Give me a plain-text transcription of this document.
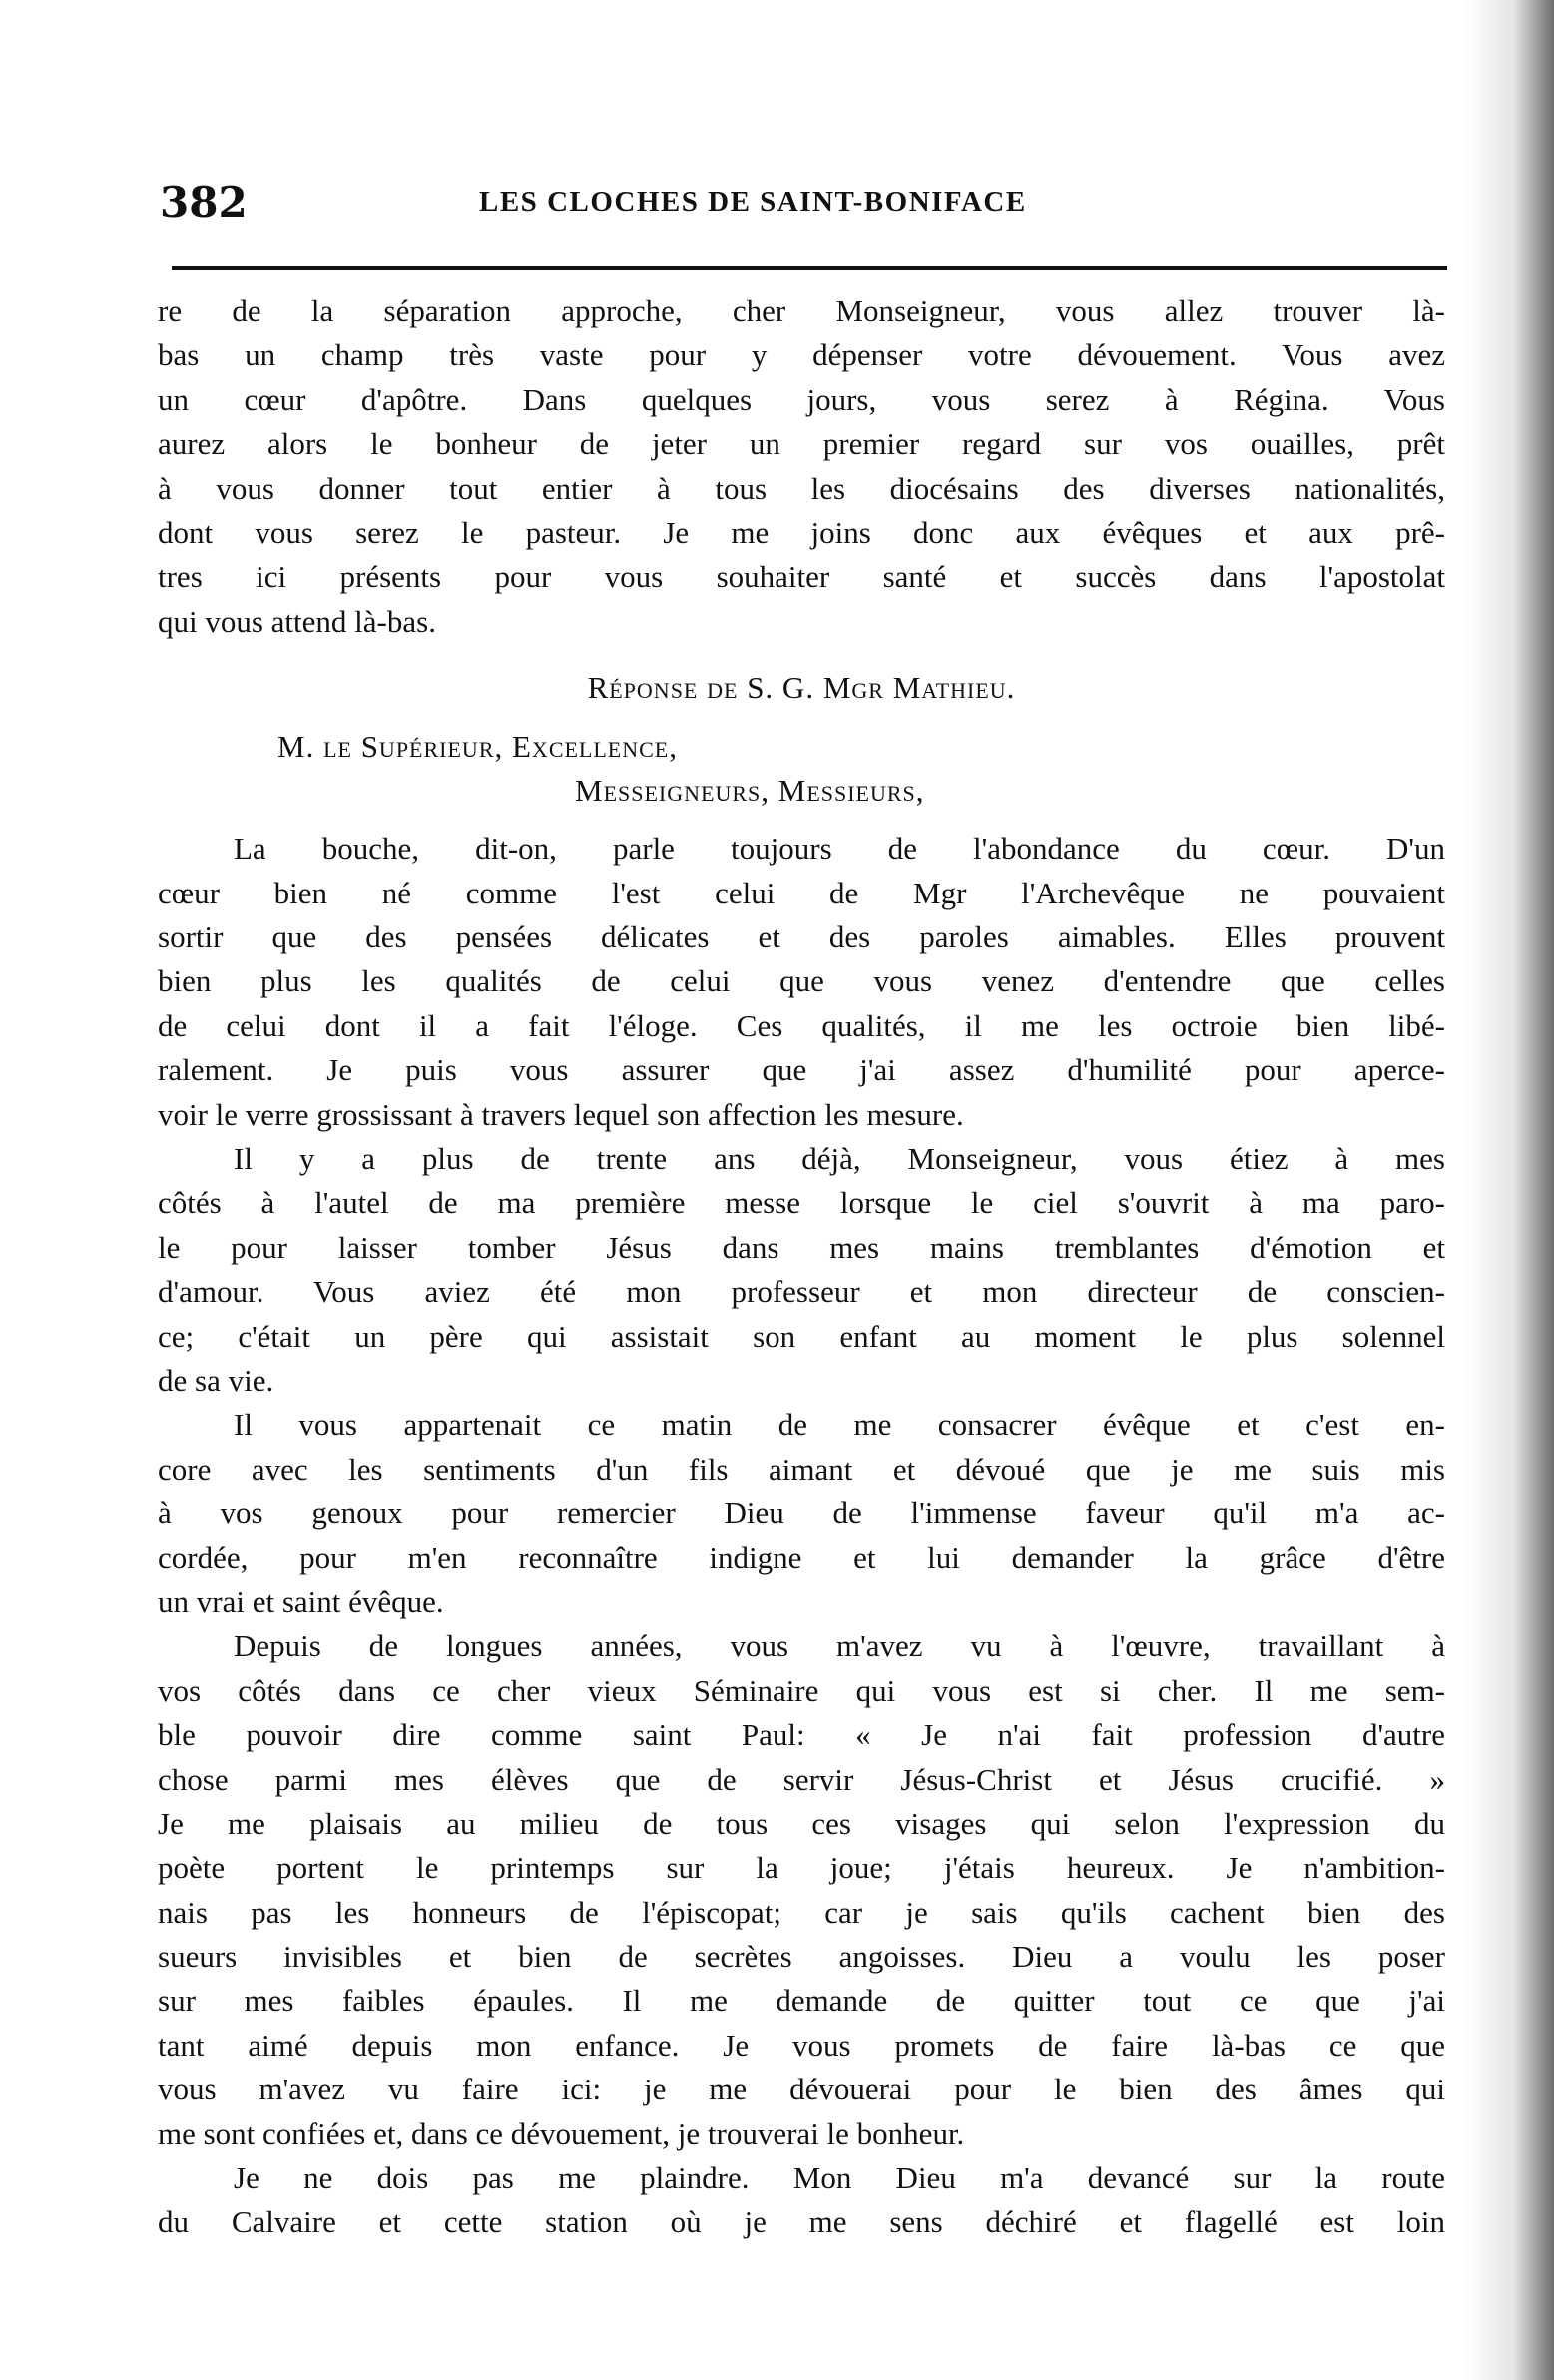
382	LES CLOCHES DE SAINT-BONIFACE
re de la séparation approche, cher Monseigneur, vous allez trouver là-
bas un champ très vaste pour y dépenser votre dévouement. Vous avez
un cœur d'apôtre. Dans quelques jours, vous serez à Régina. Vous
aurez alors le bonheur de jeter un premier regard sur vos ouailles, prêt
à vous donner tout entier à tous les diocésains des diverses nationalités,
dont vous serez le pasteur. Je me joins donc aux évêques et aux prê-
tres ici présents pour vous souhaiter santé et succès dans l'apostolat
qui vous attend là-bas.
Réponse de S. G. Mgr Mathieu.
M. le Supérieur, Excellence,
Messeigneurs, Messieurs,
La bouche, dit-on, parle toujours de l'abondance du cœur. D'un
cœur bien né comme l'est celui de Mgr l'Archevêque ne pouvaient
sortir que des pensées délicates et des paroles aimables. Elles prouvent
bien plus les qualités de celui que vous venez d'entendre que celles
de celui dont il a fait l'éloge. Ces qualités, il me les octroie bien libé-
ralement. Je puis vous assurer que j'ai assez d'humilité pour aperce-
voir le verre grossissant à travers lequel son affection les mesure.
Il y a plus de trente ans déjà, Monseigneur, vous étiez à mes
côtés à l'autel de ma première messe lorsque le ciel s'ouvrit à ma paro-
le pour laisser tomber Jésus dans mes mains tremblantes d'émotion et
d'amour. Vous aviez été mon professeur et mon directeur de conscien-
ce; c'était un père qui assistait son enfant au moment le plus solennel
de sa vie.
Il vous appartenait ce matin de me consacrer évêque et c'est en-
core avec les sentiments d'un fils aimant et dévoué que je me suis mis
à vos genoux pour remercier Dieu de l'immense faveur qu'il m'a ac-
cordée, pour m'en reconnaître indigne et lui demander la grâce d'être
un vrai et saint évêque.
Depuis de longues années, vous m'avez vu à l'œuvre, travaillant à
vos côtés dans ce cher vieux Séminaire qui vous est si cher. Il me sem-
ble pouvoir dire comme saint Paul: « Je n'ai fait profession d'autre
chose parmi mes élèves que de servir Jésus-Christ et Jésus crucifié. »
Je me plaisais au milieu de tous ces visages qui selon l'expression du
poète portent le printemps sur la joue; j'étais heureux. Je n'ambition-
nais pas les honneurs de l'épiscopat; car je sais qu'ils cachent bien des
sueurs invisibles et bien de secrètes angoisses. Dieu a voulu les poser
sur mes faibles épaules. Il me demande de quitter tout ce que j'ai
tant aimé depuis mon enfance. Je vous promets de faire là-bas ce que
vous m'avez vu faire ici: je me dévouerai pour le bien des âmes qui
me sont confiées et, dans ce dévouement, je trouverai le bonheur.
Je ne dois pas me plaindre. Mon Dieu m'a devancé sur la route
du Calvaire et cette station où je me sens déchiré et flagellé est loin
